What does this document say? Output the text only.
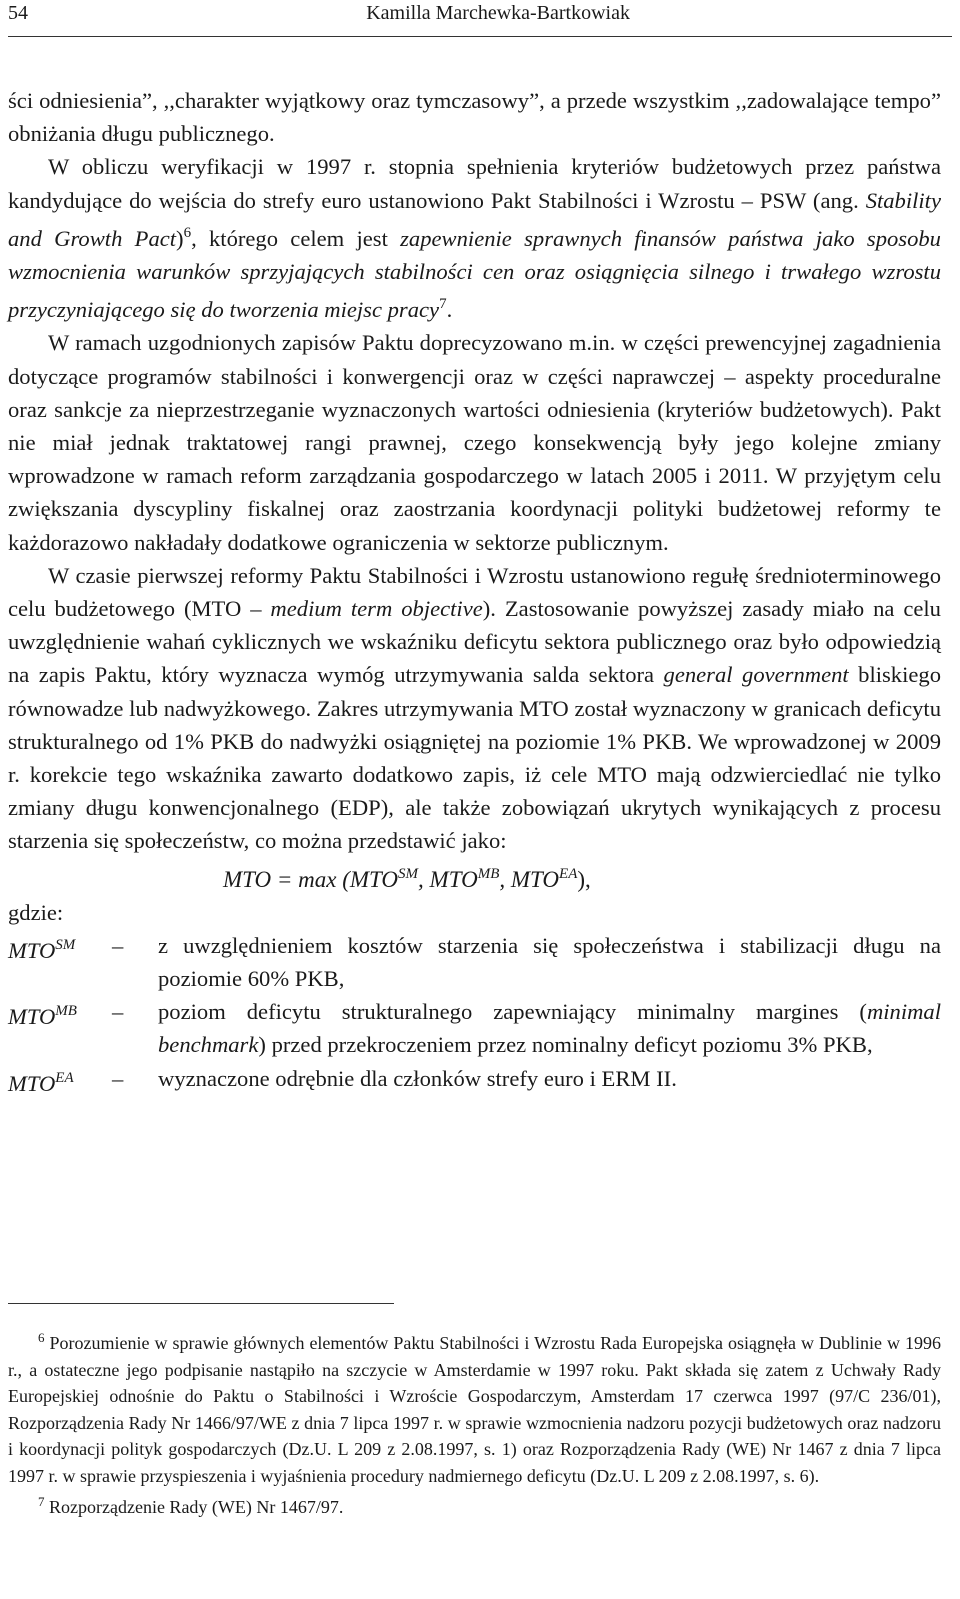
54	Kamilla Marchewka-Bartkowiak

ści odniesienia”, ,,charakter wyjątkowy oraz tymczasowy”, a przede wszystkim ,,zadowalające tempo” obniżania długu publicznego.

W obliczu weryfikacji w 1997 r. stopnia spełnienia kryteriów budżetowych przez państwa kandydujące do wejścia do strefy euro ustanowiono Pakt Stabilności i Wzrostu – PSW (ang. Stability and Growth Pact)$^6$, którego celem jest zapewnienie sprawnych finansów państwa jako sposobu wzmocnienia warunków sprzyjających stabilności cen oraz osiągnięcia silnego i trwałego wzrostu przyczyniającego się do tworzenia miejsc pracy$^7$.

W ramach uzgodnionych zapisów Paktu doprecyzowano m.in. w części prewencyjnej zagadnienia dotyczące programów stabilności i konwergencji oraz w części naprawczej – aspekty proceduralne oraz sankcje za nieprzestrzeganie wyznaczonych wartości odniesienia (kryteriów budżetowych). Pakt nie miał jednak traktatowej rangi prawnej, czego konsekwencją były jego kolejne zmiany wprowadzone w ramach reform zarządzania gospodarczego w latach 2005 i 2011. W przyjętym celu zwiększania dyscypliny fiskalnej oraz zaostrzania koordynacji polityki budżetowej reformy te każdorazowo nakładały dodatkowe ograniczenia w sektorze publicznym.

W czasie pierwszej reformy Paktu Stabilności i Wzrostu ustanowiono regułę średnioterminowego celu budżetowego (MTO – medium term objective). Zastosowanie powyższej zasady miało na celu uwzględnienie wahań cyklicznych we wskaźniku deficytu sektora publicznego oraz było odpowiedzią na zapis Paktu, który wyznacza wymóg utrzymywania salda sektora general government bliskiego równowadze lub nadwyżkowego. Zakres utrzymywania MTO został wyznaczony w granicach deficytu strukturalnego od 1% PKB do nadwyżki osiągniętej na poziomie 1% PKB. We wprowadzonej w 2009 r. korekcie tego wskaźnika zawarto dodatkowo zapis, iż cele MTO mają odzwierciedlać nie tylko zmiany długu konwencjonalnego (EDP), ale także zobowiązań ukrytych wynikających z procesu starzenia się społeczeństw, co można przedstawić jako:

MTO = max (MTO℠, $MTO^{MB}$, $MTO^{EA}$),

gdzie:

MTO℠	–	z uwzględnieniem kosztów starzenia się społeczeństwa i stabilizacji długu na poziomie 60% PKB,
$MTO^{MB}$	–	poziom deficytu strukturalnego zapewniający minimalny margines (minimal benchmark) przed przekroczeniem przez nominalny deficyt poziomu 3% PKB,
$MTO^{EA}$	–	wyznaczone odrębnie dla członków strefy euro i ERM II.

$^6$ Porozumienie w sprawie głównych elementów Paktu Stabilności i Wzrostu Rada Europejska osiągnęła w Dublinie w 1996 r., a ostateczne jego podpisanie nastąpiło na szczycie w Amsterdamie w 1997 roku. Pakt składa się zatem z Uchwały Rady Europejskiej odnośnie do Paktu o Stabilności i Wzroście Gospodarczym, Amsterdam 17 czerwca 1997 (97/C 236/01), Rozporządzenia Rady Nr 1466/97/WE z dnia 7 lipca 1997 r. w sprawie wzmocnienia nadzoru pozycji budżetowych oraz nadzoru i koordynacji polityk gospodarczych (Dz.U. L 209 z 2.08.1997, s. 1) oraz Rozporządzenia Rady (WE) Nr 1467 z dnia 7 lipca 1997 r. w sprawie przyspieszenia i wyjaśnienia procedury nadmiernego deficytu (Dz.U. L 209 z 2.08.1997, s. 6).

$^7$ Rozporządzenie Rady (WE) Nr 1467/97.
